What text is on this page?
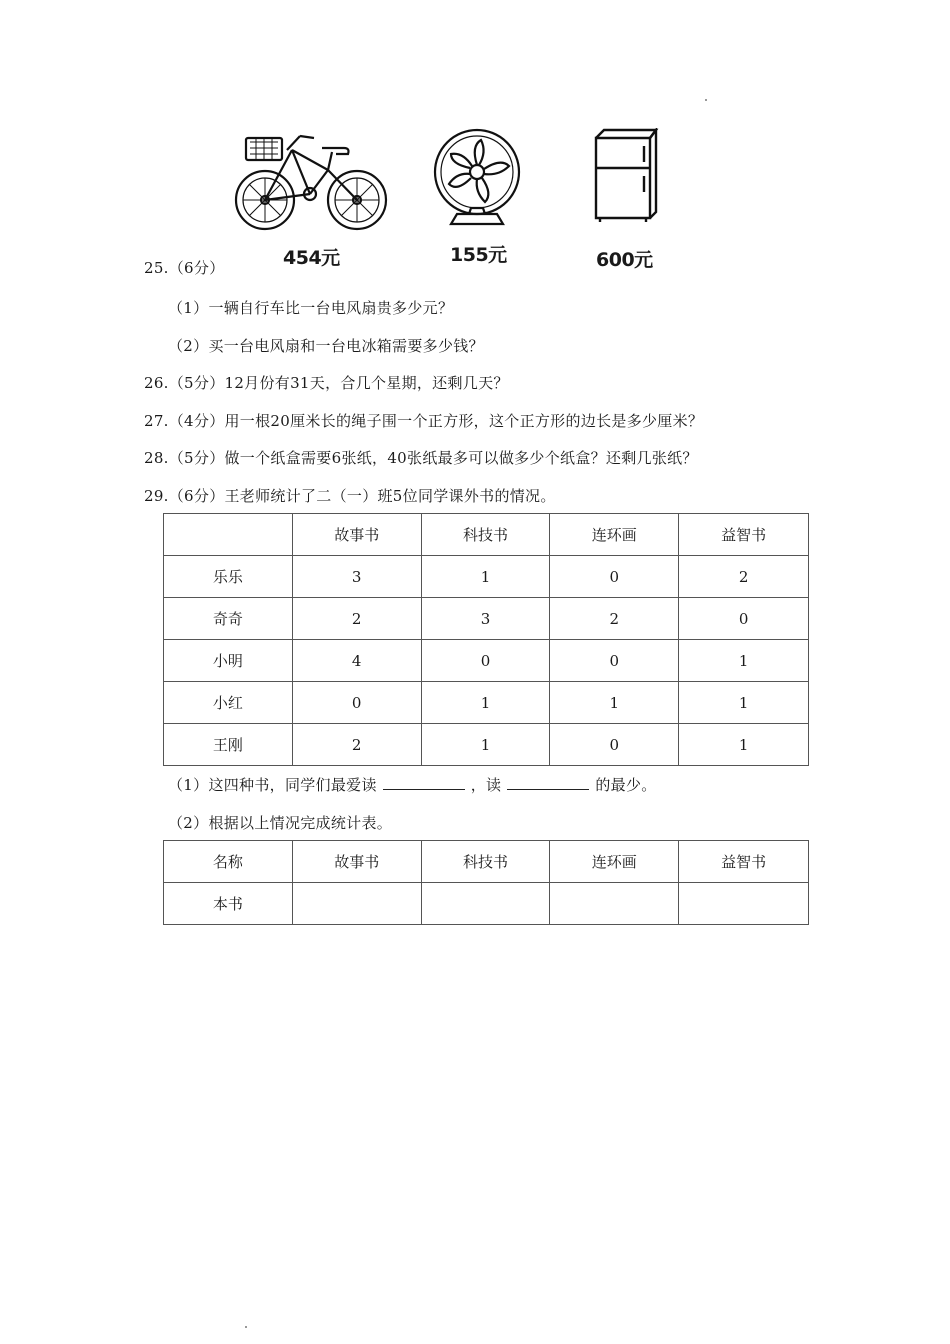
454元	155元	600元
25.（6分）
（1）一辆自行车比一台电风扇贵多少元？
（2）买一台电风扇和一台电冰箱需要多少钱？
26.（5分）12月份有31天，合几个星期，还剩几天？
27.（4分）用一根20厘米长的绳子围一个正方形，这个正方形的边长是多少厘米？
28.（5分）做一个纸盒需要6张纸，40张纸最多可以做多少个纸盒？还剩几张纸？
29.（6分）王老师统计了二（一）班5位同学课外书的情况。
	故事书	科技书	连环画	益智书
乐乐	3	1	0	2
奇奇	2	3	2	0
小明	4	0	0	1
小红	0	1	1	1
王刚	2	1	0	1
（1）这四种书，同学们最爱读	，读	的最少。
（2）根据以上情况完成统计表。
名称	故事书	科技书	连环画	益智书
本书				
